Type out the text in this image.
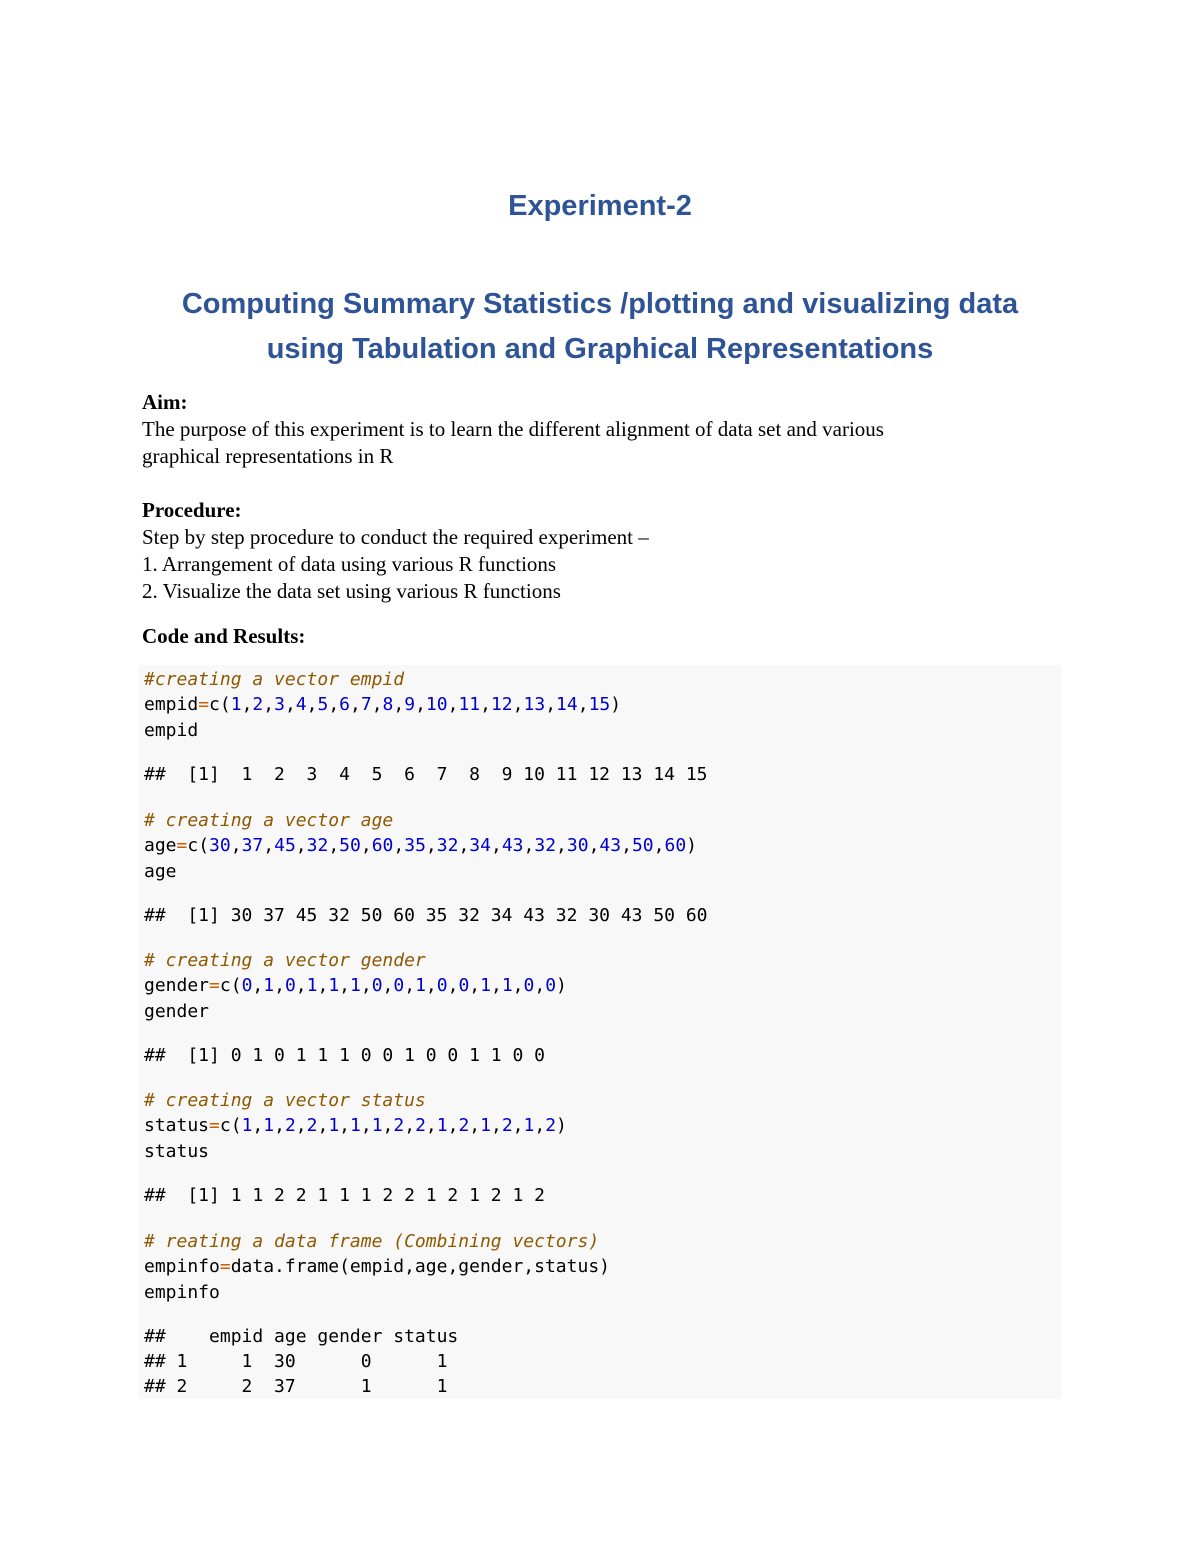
Experiment-2
Computing Summary Statistics /plotting and visualizing data
using Tabulation and Graphical Representations
Aim:
The purpose of this experiment is to learn the different alignment of data set and various
graphical representations in R
Procedure:
Step by step procedure to conduct the required experiment –
1. Arrangement of data using various R functions
2. Visualize the data set using various R functions
Code and Results:
#creating a vector empid
empid=c(1,2,3,4,5,6,7,8,9,10,11,12,13,14,15)
empid
##  [1]  1  2  3  4  5  6  7  8  9 10 11 12 13 14 15
# creating a vector age
age=c(30,37,45,32,50,60,35,32,34,43,32,30,43,50,60)
age
##  [1] 30 37 45 32 50 60 35 32 34 43 32 30 43 50 60
# creating a vector gender
gender=c(0,1,0,1,1,1,0,0,1,0,0,1,1,0,0)
gender
##  [1] 0 1 0 1 1 1 0 0 1 0 0 1 1 0 0
# creating a vector status
status=c(1,1,2,2,1,1,1,2,2,1,2,1,2,1,2)
status
##  [1] 1 1 2 2 1 1 1 2 2 1 2 1 2 1 2
# reating a data frame (Combining vectors)
empinfo=data.frame(empid,age,gender,status)
empinfo
##    empid age gender status
## 1     1  30      0      1
## 2     2  37      1      1
